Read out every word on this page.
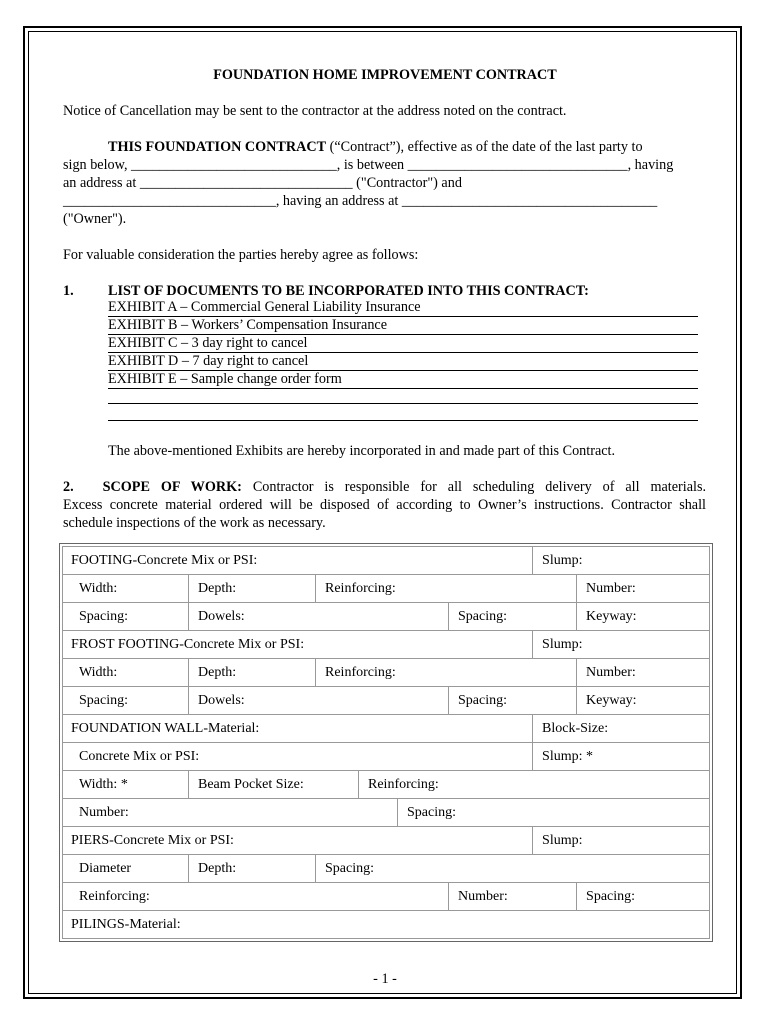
FOUNDATION HOME IMPROVEMENT CONTRACT
Notice of Cancellation may be sent to the contractor at the address noted on the contract.
THIS FOUNDATION CONTRACT (“Contract”), effective as of the date of the last party to
sign below, _____________________________, is between _______________________________, having
an address at ______________________________ ("Contractor") and
______________________________, having an address at ____________________________________
("Owner").
For valuable consideration the parties hereby agree as follows:
1. LIST OF DOCUMENTS TO BE INCORPORATED INTO THIS CONTRACT:
EXHIBIT A – Commercial General Liability Insurance
EXHIBIT B – Workers’ Compensation Insurance
EXHIBIT C – 3 day right to cancel
EXHIBIT D – 7 day right to cancel
EXHIBIT E – Sample change order form
The above-mentioned Exhibits are hereby incorporated in and made part of this Contract.
2. SCOPE OF WORK: Contractor is responsible for all scheduling delivery of all materials.
Excess concrete material ordered will be disposed of according to Owner’s instructions. Contractor shall
schedule inspections of the work as necessary.
FOOTING-Concrete Mix or PSI:						Slump:	
Width:	Depth:	Reinforcing:					Number:
Spacing:	Dowels:				Spacing:		Keyway:
FROST FOOTING-Concrete Mix or PSI:						Slump:	
Width:	Depth:	Reinforcing:					Number:
Spacing:	Dowels:				Spacing:		Keyway:
FOUNDATION WALL-Material:						Block-Size:	
Concrete Mix or PSI:						Slump: *	
Width: *	Beam Pocket Size:		Reinforcing:				
Number:				Spacing:			
PIERS-Concrete Mix or PSI:						Slump:	
Diameter	Depth:	Spacing:					
Reinforcing:					Number:		Spacing:
PILINGS-Material:							
- 1 -
